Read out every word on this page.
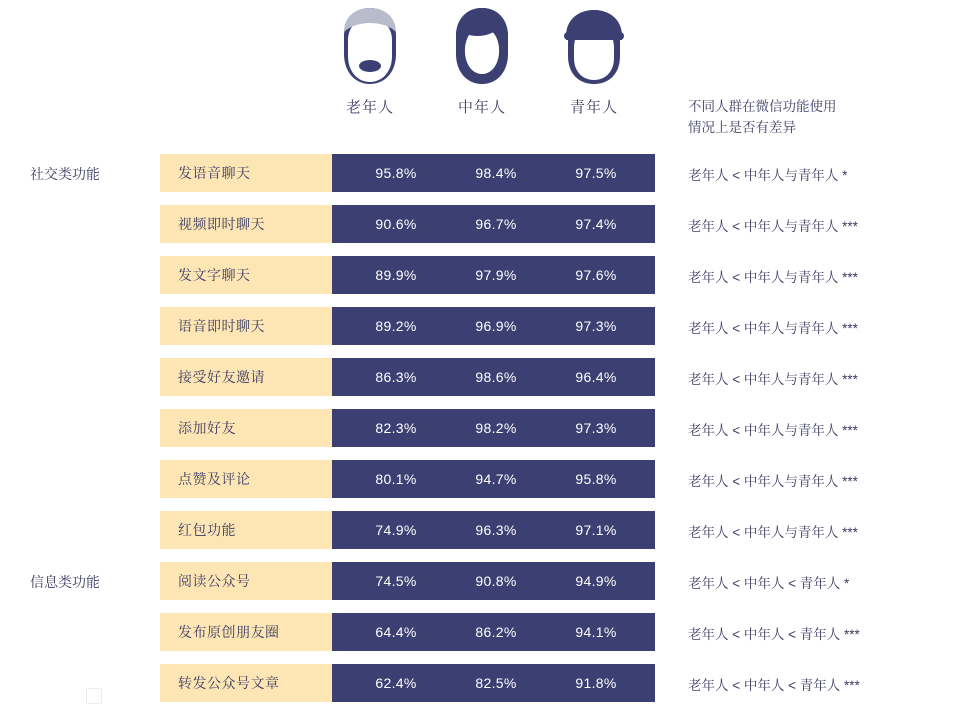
老年人	中年人	青年人	不同人群在微信功能使用
情况上是否有差异
社交类功能	发语音聊天	95.8%	98.4%	97.5%	老年人 < 中年人与青年人 *
视频即时聊天	90.6%	96.7%	97.4%	老年人 < 中年人与青年人 ***
发文字聊天	89.9%	97.9%	97.6%	老年人 < 中年人与青年人 ***
语音即时聊天	89.2%	96.9%	97.3%	老年人 < 中年人与青年人 ***
接受好友邀请	86.3%	98.6%	96.4%	老年人 < 中年人与青年人 ***
添加好友	82.3%	98.2%	97.3%	老年人 < 中年人与青年人 ***
点赞及评论	80.1%	94.7%	95.8%	老年人 < 中年人与青年人 ***
红包功能	74.9%	96.3%	97.1%	老年人 < 中年人与青年人 ***
信息类功能	阅读公众号	74.5%	90.8%	94.9%	老年人 < 中年人 < 青年人 *
发布原创朋友圈	64.4%	86.2%	94.1%	老年人 < 中年人 < 青年人 ***
转发公众号文章	62.4%	82.5%	91.8%	老年人 < 中年人 < 青年人 ***
